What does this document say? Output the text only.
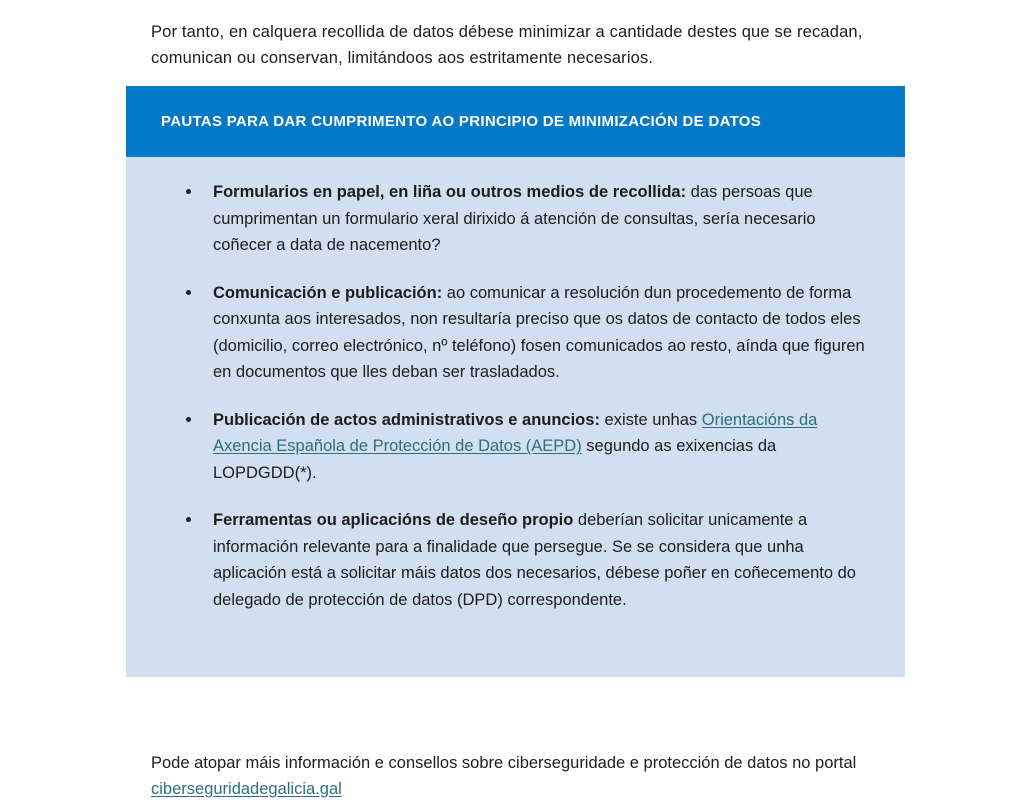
Por tanto, en calquera recollida de datos débese minimizar a cantidade destes que se recadan, comunican ou conservan, limitándoos aos estritamente necesarios.

PAUTAS PARA DAR CUMPRIMENTO AO PRINCIPIO DE MINIMIZACIÓN DE DATOS
Formularios en papel, en liña ou outros medios de recollida: das persoas que cumprimentan un formulario xeral dirixido á atención de consultas, sería necesario coñecer a data de nacemento?
Comunicación e publicación: ao comunicar a resolución dun procedemento de forma conxunta aos interesados, non resultaría preciso que os datos de contacto de todos eles (domicilio, correo electrónico, nº teléfono) fosen comunicados ao resto, aínda que figuren en documentos que lles deban ser trasladados.
Publicación de actos administrativos e anuncios: existe unhas Orientacións da Axencia Española de Protección de Datos (AEPD) segundo as exixencias da LOPDGDD(*).
Ferramentas ou aplicacións de deseño propio deberían solicitar unicamente a información relevante para a finalidade que persegue. Se se considera que unha aplicación está a solicitar máis datos dos necesarios, débese poñer en coñecemento do delegado de protección de datos (DPD) correspondente.

Pode atopar máis información e consellos sobre ciberseguridade e protección de datos no portal ciberseguridadegalicia.gal
